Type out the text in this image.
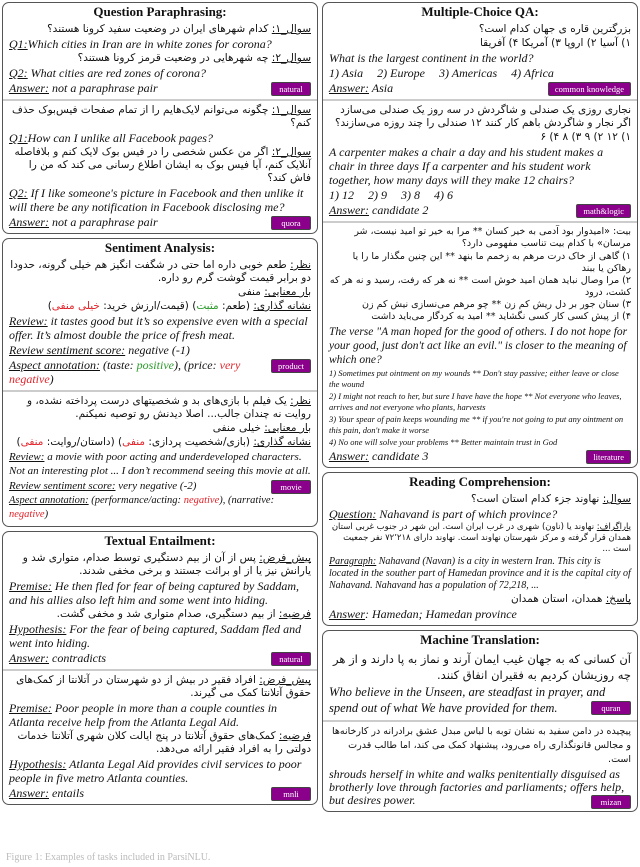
Question Paraphrasing:
سوال_۱: کدام شهرهای ایران در وضعیت سفید کرونا هستند؟
Q1:Which cities in Iran are in white zones for corona?
سوال_۲: چه شهرهایی در وضعیت قرمز کرونا هستند؟
Q2: What cities are red zones of corona?
natural
Answer: not a paraphrase pair
سوال_۱: چگونه می‌توانم لایک‌هایم را از تمام صفحات فیس‌بوک حذف کنم؟
Q1:How can I unlike all Facebook pages?
سوال_۲: اگر من عکس شخصی را در فیس بوک لایک کنم و بلافاصله آنلایک کنم، آیا فیس بوک به ایشان اطلاع رسانی می کند که من را فاش کند؟
Q2: If I like someone's picture in Facebook and then unlike it will there be any notification in Facebook disclosing me?
quora
Answer: not a paraphrase pair
Sentiment Analysis:
نظر: طعم خوبی داره اما حتی در شگفت انگیز هم خیلی گرونه، حدودا دو برابر قیمت گوشت گرم رو داره.
بار معنایی: منفی
نشانه گذاری: (طعم: مثبت) (قیمت/ارزش خرید: خیلی منفی)
Review: it tastes good but it’s so expensive even with a special offer. It’s almost double the price of fresh meat.
Review sentiment score: negative (-1)
product
Aspect annotation: (taste: positive), (price: very negative)
نظر: یک فیلم با بازی‌های بد و شخصیتهای درست پرداخته نشده، و روایت نه چندان جالب... اصلا دیدنش رو توصیه نمیکنم.
بار معنایی: خیلی منفی
نشانه گذاری: (بازی/شخصیت پردازی: منفی) (داستان/روایت: منفی)
Review: a movie with poor acting and underdeveloped characters. Not an interesting plot ... I don’t recommend seeing this movie at all.
movie
Review sentiment score: very negative (-2)
Aspect annotation: (performance/acting: negative), (narrative: negative)
Textual Entailment:
پیش_فرض: پس از آن از بیم دستگیری توسط صدام، متواری شد و یارانش نیز یا از او برائت جستند و برخی مخفی شدند.
Premise: He then fled for fear of being captured by Saddam, and his allies also left him and some went into hiding.
فرضیه: از بیم دستگیری، صدام متواری شد و مخفی گشت.
Hypothesis: For the fear of being captured, Saddam fled and went into hiding.
natural
Answer: contradicts
پیش_فرض: افراد فقیر در بیش از دو شهرستان در آتلانتا از کمک‌های حقوق آتلانتا کمک می گیرند.
Premise: Poor people in more than a couple counties in Atlanta receive help from the Atlanta Legal Aid.
فرضیه: کمک‌های حقوق آتلانتا در پنج ایالت کلان شهری آتلانتا خدمات دولتی را به افراد فقیر ارائه می‌دهد.
Hypothesis: Atlanta Legal Aid provides civil services to poor people in five metro Atlanta counties.
mnli
Answer: entails
Multiple-Choice QA:
بزرگترین قاره ی جهان کدام است؟
۱) آسیا ۲) اروپا ۳) آمریکا ۴) آفریقا
What is the largest continent in the world?
1) Asia 2) Europe 3) Americas 4) Africa
common knowledge
Answer: Asia
نجاری روزی یک صندلی و شاگردش در سه روز یک صندلی می‌سازد اگر نجار و شاگردش باهم کار کنند ۱۲ صندلی را چند روزه می‌سازند؟
۱) ۱۲ ۲) ۹ ۳) ۸ ۴) ۶
A carpenter makes a chair a day and his student makes a chair in three days If a carpenter and his student work together, how many days will they make 12 chairs?
1) 12 2) 9 3) 8 4) 6
math&logic
Answer: candidate 2
بیت: «امیدوار بود آدمی به خیر کسان ** مرا به خیر تو امید نیست، شر مرسان» با کدام بیت تناسب مفهومی دارد؟
۱) گاهی از خاک درت مرهم به زخمم ما بنهد ** این چنین مگذار ما را یا رهاکن یا ببند
۲) مرا وصال نباید همان امید خوش است ** نه هر که رفت، رسید و نه هر که کشت، درود
۳) سنان جور بر دل ریش کم زن ** چو مرهم می‌نسازی نیش کم زن
۴) از پیش کسی کار کسی نگشاید ** امید به کردگار می‌باید داشت
The verse "A man hoped for the good of others. I do not hope for your good, just don't act like an evil." is closer to the meaning of which one?
1) Sometimes put ointment on my wounds ** Don't stay passive; either leave or close the wound
2) I might not reach to her, but sure I have have the hope ** Not everyone who leaves, arrives and not everyone who plants, harvests
3) Your spear of pain keeps wounding me ** if you're not going to put any ointment on this pain, don't make it worse
4) No one will solve your problems ** Better maintain trust in God
literature
Answer: candidate 3
Reading Comprehension:
سوال: نهاوند جزء کدام استان است؟
Question: Nahavand is part of which province?
پاراگراف: نهاوند یا (ناون) شهری در غرب ایران است. این شهر در جنوب غربی استان همدان قرار گرفته و مرکز شهرستان نهاوند است. نهاوند دارای ۷۲٬۲۱۸ نفر جمعیت است ...
Paragraph: Nahavand (Navan) is a city in western Iran. This city is located in the souther part of Hamedan province and it is the capital city of Nahavand. Nahavand has a population of 72,218, ...
پاسخ: همدان، استان همدان
Answer: Hamedan; Hamedan province
Machine Translation:
آن کسانی که به جهان غیب ایمان آرند و نماز به پا دارند و از هر چه روزیشان کردیم به فقیران انفاق کنند.
Who believe in the Unseen, are steadfast in prayer, and spend out of what We have provided for them.	quran
پیچیده در دامن سفید به نشان توبه با لباس مبدل عشق برادرانه در کارخانه‌ها و مجالس قانونگذاری راه می‌رود، پیشنهاد کمک می کند، اما طالب قدرت است.
shrouds herself in white and walks penitentially disguised as brotherly love through factories and parliaments; offers help, but desires power.	mizan
Figure 1: Examples of tasks included in ParsiNLU.
